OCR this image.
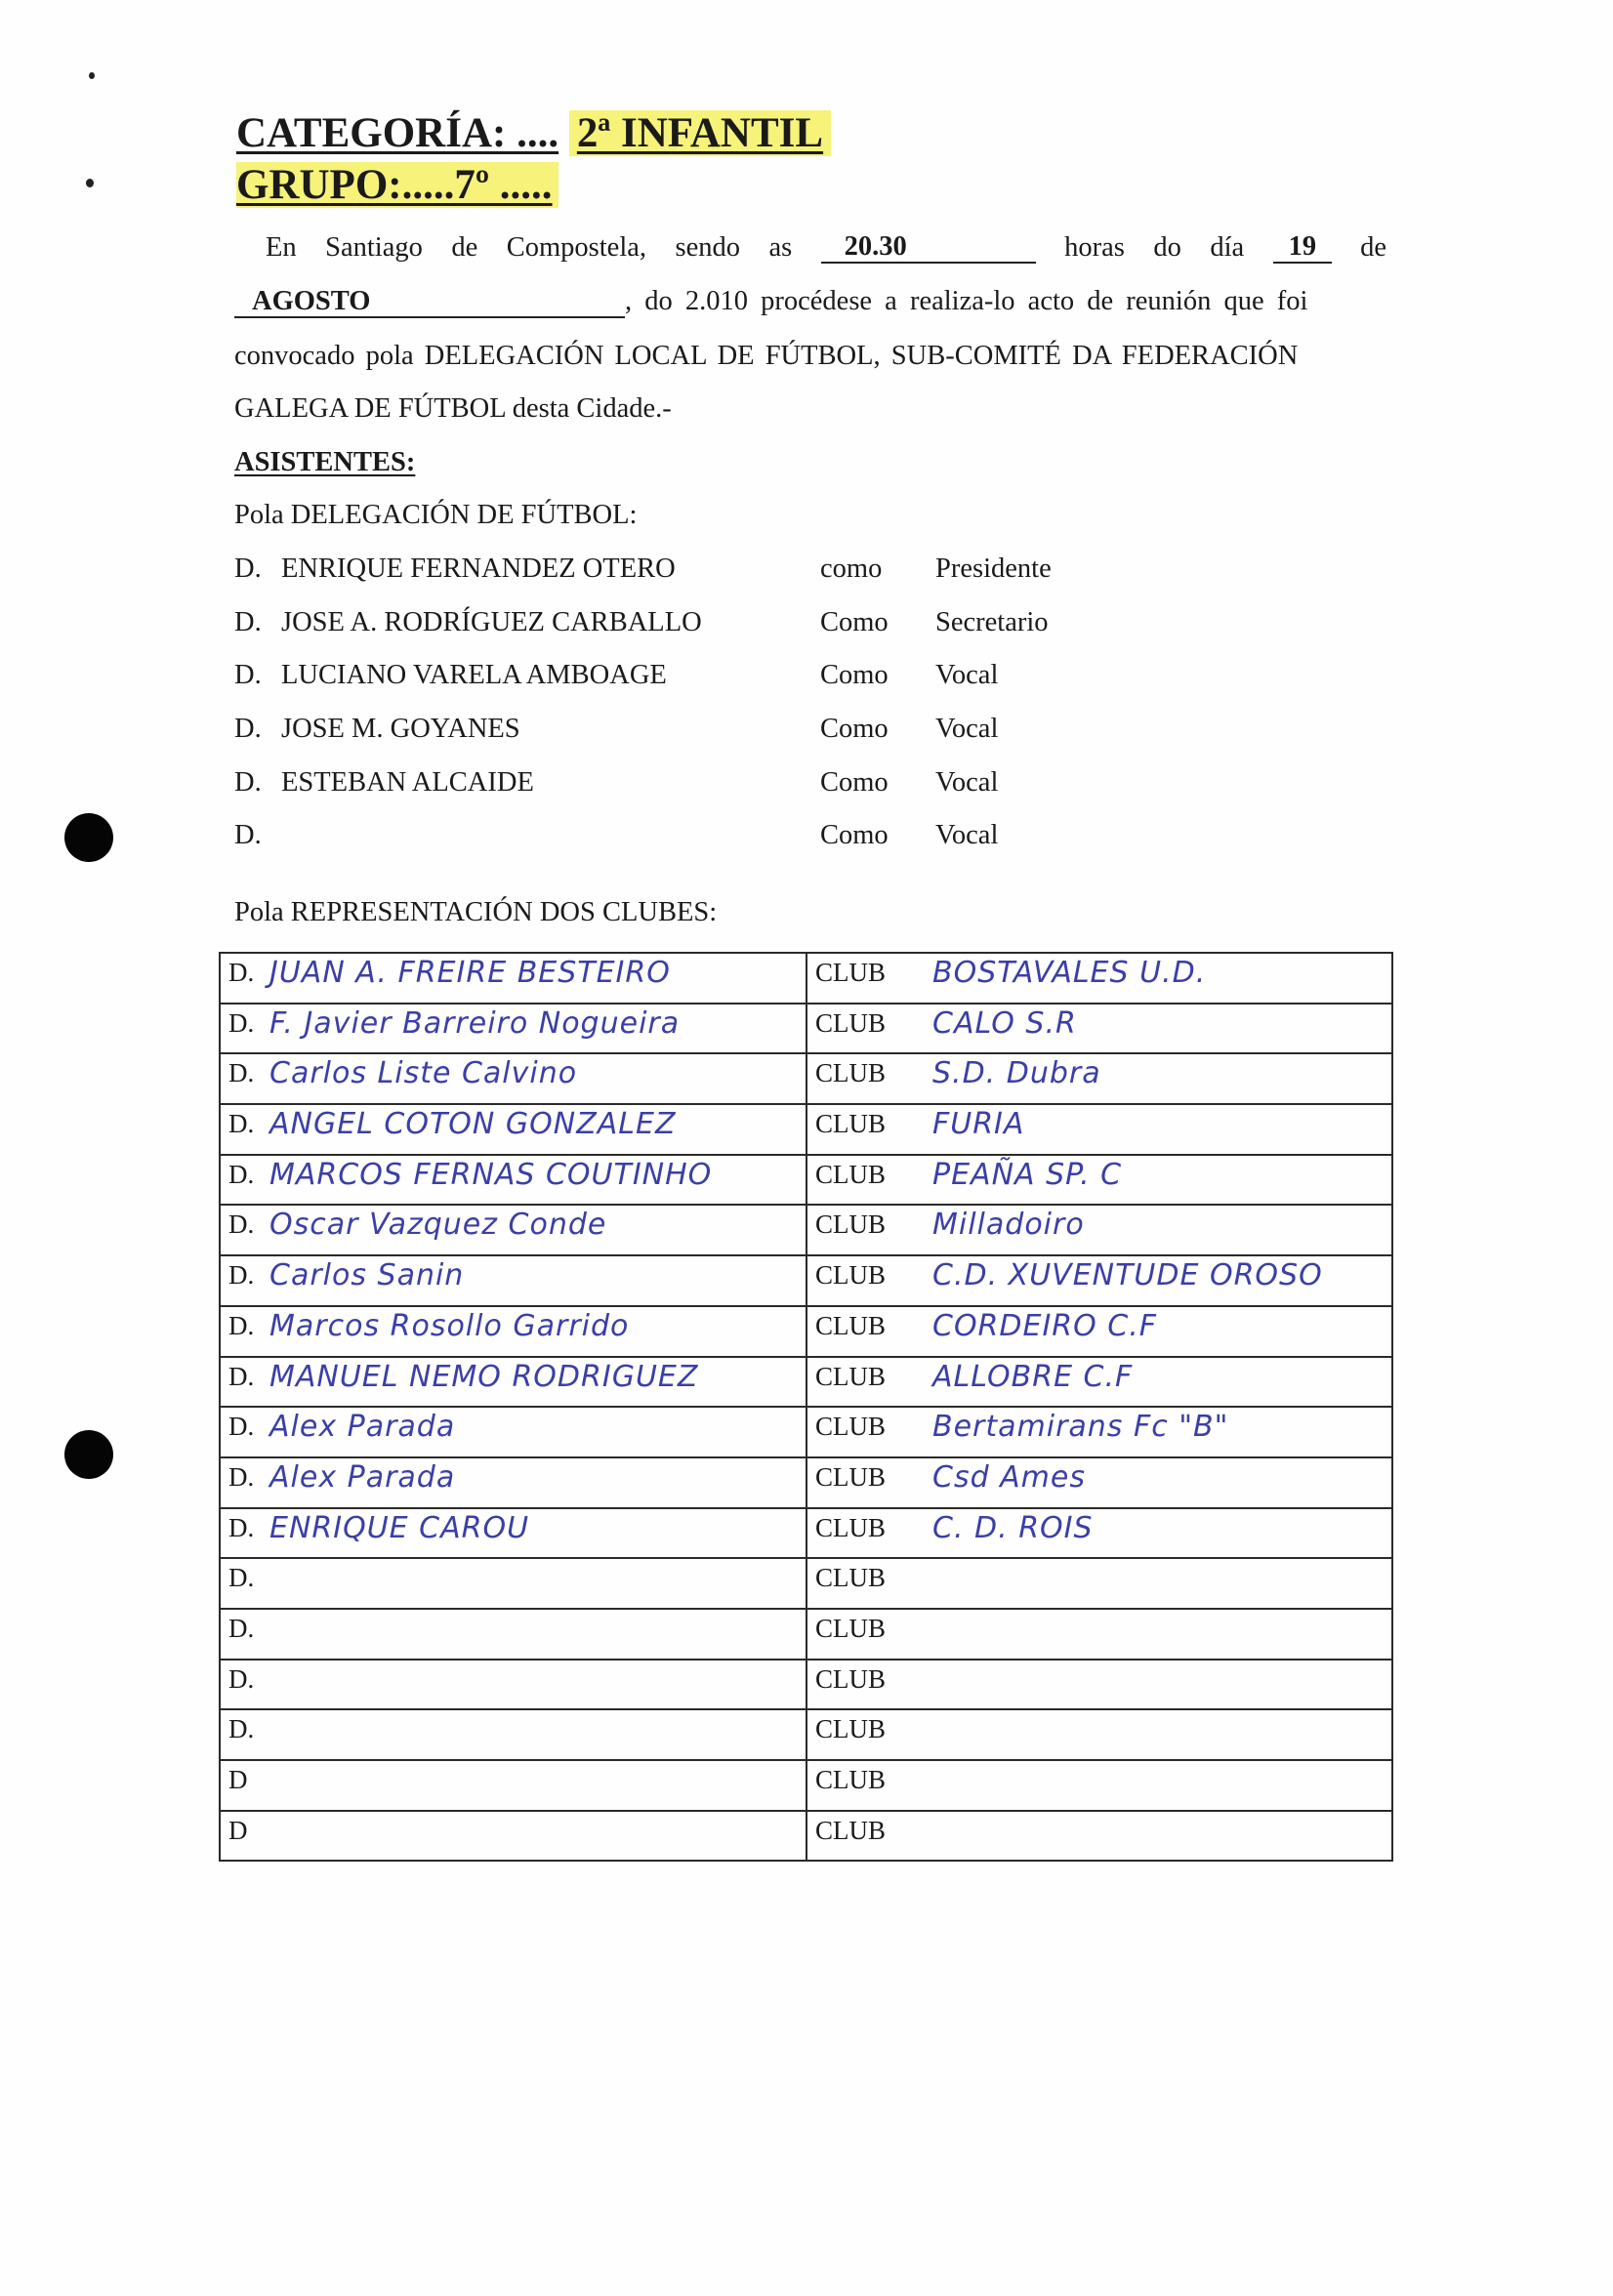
CATEGORÍA: .... 2ª INFANTIL
GRUPO:.....7º .....
En Santiago de Compostela, sendo as	20.30	horas do día	19	de
AGOSTO	, do 2.010 procédese a realiza-lo acto de reunión que foi
convocado pola DELEGACIÓN LOCAL DE FÚTBOL, SUB-COMITÉ DA FEDERACIÓN
GALEGA DE FÚTBOL desta Cidade.-
ASISTENTES:
Pola DELEGACIÓN DE FÚTBOL:
D. ENRIQUE FERNANDEZ OTERO	como Presidente
D. JOSE A. RODRÍGUEZ CARBALLO	Como Secretario
D. LUCIANO VARELA AMBOAGE	Como Vocal
D. JOSE M. GOYANES	Como Vocal
D. ESTEBAN ALCAIDE	Como Vocal
D.	Como Vocal
Pola REPRESENTACIÓN DOS CLUBES:
D. JUAN A. FREIRE BESTEIRO	CLUB BOSTAVALES U.D.

D. F. Javier Barreiro Nogueira	CLUB CALO S.R

D. Carlos Liste Calvino	CLUB S.D. Dubra

D. ANGEL COTON GONZALEZ	CLUB FURIA

D. MARCOS FERNAS COUTINHO	CLUB PEAÑA SP. C

D. Oscar Vazquez Conde	CLUB Milladoiro

D. Carlos Sanin	CLUB C.D. XUVENTUDE OROSO

D. Marcos Rosollo Garrido	CLUB CORDEIRO C.F

D. MANUEL NEMO RODRIGUEZ	CLUB ALLOBRE C.F

D. Alex Parada	CLUB Bertamirans Fc "B"

D. Alex Parada	CLUB Csd Ames

D. ENRIQUE CAROU	CLUB C. D. ROIS

D.	CLUB

D.	CLUB

D.	CLUB

D.	CLUB

D	CLUB

D	CLUB
